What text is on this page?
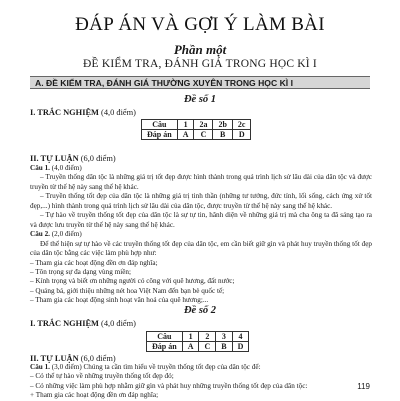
ĐÁP ÁN VÀ GỢI Ý LÀM BÀI
Phần một
ĐỀ KIỂM TRA, ĐÁNH GIÁ TRONG HỌC KÌ I
A. ĐỀ KIỂM TRA, ĐÁNH GIÁ THƯỜNG XUYÊN TRONG HỌC KÌ I
Đề số 1
I. TRẮC NGHIỆM (4,0 điểm)
Câu	1	2a	2b	2c
Đáp án	A	C	B	D
II. TỰ LUẬN (6,0 điểm)

Câu 1. (4,0 điểm)

– Truyền thống dân tộc là những giá trị tốt đẹp được hình thành trong quá trình lịch sử lâu dài của dân tộc và được truyền từ thế hệ này sang thế hệ khác.

– Truyền thống tốt đẹp của dân tộc là những giá trị tinh thần (những tư tưởng, đức tính, lối sống, cách ứng xử tốt đẹp,...) hình thành trong quá trình lịch sử lâu dài của dân tộc, được truyền từ thế hệ này sang thế hệ khác.

– Tự hào về truyền thống tốt đẹp của dân tộc là sự tự tin, hãnh diện về những giá trị mà cha ông ta đã sáng tạo ra và được lưu truyền từ thế hệ này sang thế hệ khác.

Câu 2. (2,0 điểm)

Để thể hiện sự tự hào về các truyền thống tốt đẹp của dân tộc, em cần biết giữ gìn và phát huy truyền thống tốt đẹp của dân tộc bằng các việc làm phù hợp như:

– Tham gia các hoạt động đền ơn đáp nghĩa;

– Tôn trọng sự đa dạng vùng miền;

– Kính trọng và biết ơn những người có công với quê hương, đất nước;

– Quảng bá, giới thiệu những nét hoa Việt Nam đến bạn bè quốc tế;

– Tham gia các hoạt động sinh hoạt văn hoá của quê hương;...

Đề số 2
I. TRẮC NGHIỆM (4,0 điểm)
Câu	1	2	3	4
Đáp án	A	C	B	D
II. TỰ LUẬN (6,0 điểm)

Câu 1. (3,0 điểm) Chúng ta cần tìm hiểu về truyền thống tốt đẹp của dân tộc để:

– Có thể tự hào về những truyền thống tốt đẹp đó;

– Có những việc làm phù hợp nhằm giữ gìn và phát huy những truyền thống tốt đẹp của dân tộc:

+ Tham gia các hoạt động đền ơn đáp nghĩa;

119
